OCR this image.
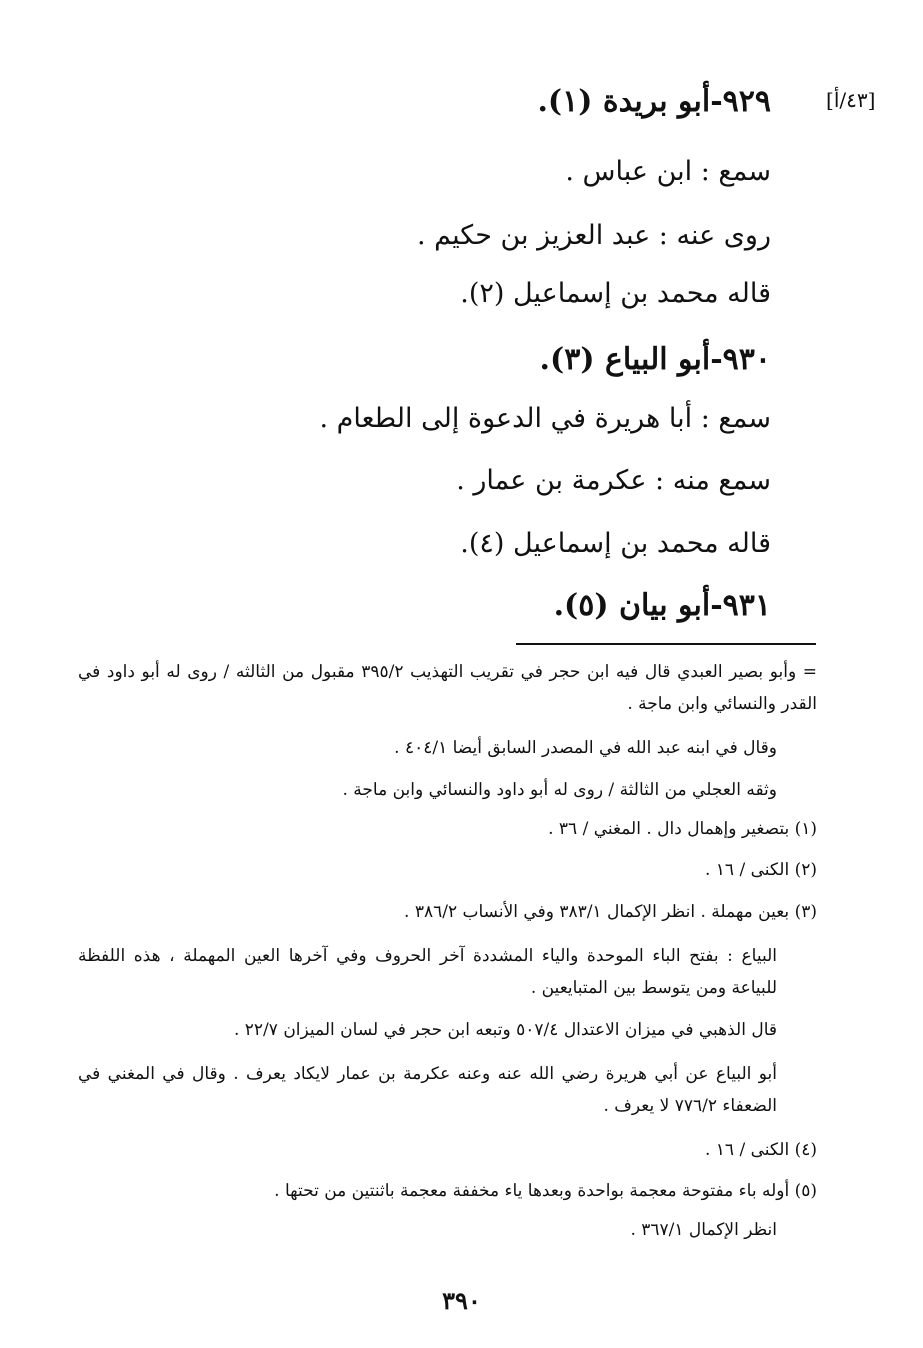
[٤٣/أ]
٩٢٩-أبو بريدة (١).
سمع : ابن عباس .
روى عنه : عبد العزيز بن حكيم .
قاله محمد بن إسماعيل (٢).
٩٣٠-أبو البياع (٣).
سمع : أبا هريرة في الدعوة إلى الطعام .
سمع منه : عكرمة بن عمار .
قاله محمد بن إسماعيل (٤).
٩٣١-أبو بيان (٥).
= وأبو بصير العبدي قال فيه ابن حجر في تقريب التهذيب ٣٩٥/٢ مقبول من الثالثه / روى له أبو داود في القدر والنسائي وابن ماجة .
وقال في ابنه عبد الله في المصدر السابق أيضا ٤٠٤/١ .
وثقه العجلي من الثالثة / روى له أبو داود والنسائي وابن ماجة .
(١) بتصغير وإهمال دال . المغني / ٣٦ .
(٢) الكنى / ١٦ .
(٣) بعين مهملة . انظر الإكمال ٣٨٣/١ وفي الأنساب ٣٨٦/٢ .
البياع : بفتح الباء الموحدة والياء المشددة آخر الحروف وفي آخرها العين المهملة ، هذه اللفظة للبياعة ومن يتوسط بين المتبايعين .
قال الذهبي في ميزان الاعتدال ٥٠٧/٤ وتبعه ابن حجر في لسان الميزان ٢٢/٧ .
أبو البياع عن أبي هريرة رضي الله عنه وعنه عكرمة بن عمار لايكاد يعرف . وقال في المغني في الضعفاء ٧٧٦/٢ لا يعرف .
(٤) الكنى / ١٦ .
(٥) أوله باء مفتوحة معجمة بواحدة وبعدها ياء مخففة معجمة باثنتين من تحتها .
انظر الإكمال ٣٦٧/١ .
٣٩٠
